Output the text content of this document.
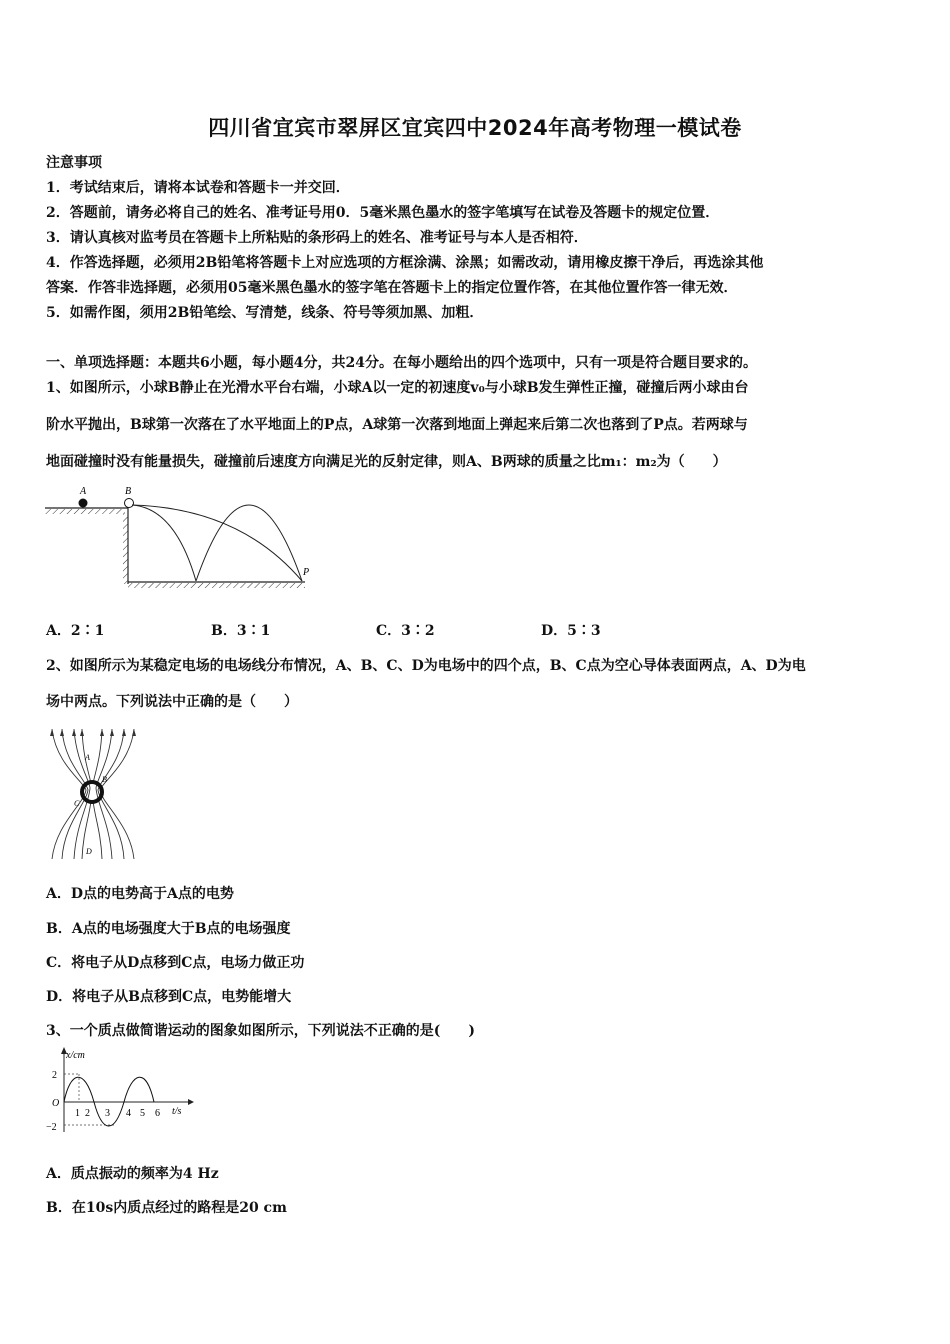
四川省宜宾市翠屏区宜宾四中2024年高考物理一模试卷
注意事项
1．考试结束后，请将本试卷和答题卡一并交回．
2．答题前，请务必将自己的姓名、准考证号用0．5毫米黑色墨水的签字笔填写在试卷及答题卡的规定位置．
3．请认真核对监考员在答题卡上所粘贴的条形码上的姓名、准考证号与本人是否相符．
4．作答选择题，必须用2B铅笔将答题卡上对应选项的方框涂满、涂黑；如需改动，请用橡皮擦干净后，再选涂其他
答案．作答非选择题，必须用05毫米黑色墨水的签字笔在答题卡上的指定位置作答，在其他位置作答一律无效．
5．如需作图，须用2B铅笔绘、写清楚，线条、符号等须加黑、加粗．
一、单项选择题：本题共6小题，每小题4分，共24分。在每小题给出的四个选项中，只有一项是符合题目要求的。
1、如图所示，小球B静止在光滑水平台右端，小球A以一定的初速度v₀与小球B发生弹性正撞，碰撞后两小球由台
阶水平抛出，B球第一次落在了水平地面上的P点，A球第一次落到地面上弹起来后第二次也落到了P点。若两球与
地面碰撞时没有能量损失，碰撞前后速度方向满足光的反射定律，则A、B两球的质量之比m₁：m₂为（　　）
A	B
P
A．2∶1	B．3∶1	C．3∶2	D．5∶3
2、如图所示为某稳定电场的电场线分布情况，A、B、C、D为电场中的四个点，B、C点为空心导体表面两点，A、D为电
场中两点。下列说法中正确的是（　　）
A
B
C
D
A．D点的电势高于A点的电势
B．A点的电场强度大于B点的电场强度
C．将电子从D点移到C点，电场力做正功
D．将电子从B点移到C点，电势能增大
3、一个质点做简谐运动的图象如图所示，下列说法不正确的是(　　)
x/cm
t/s
O
2
−2
1 2 3 4 5 6
A．质点振动的频率为4 Hz
B．在10s内质点经过的路程是20 cm
